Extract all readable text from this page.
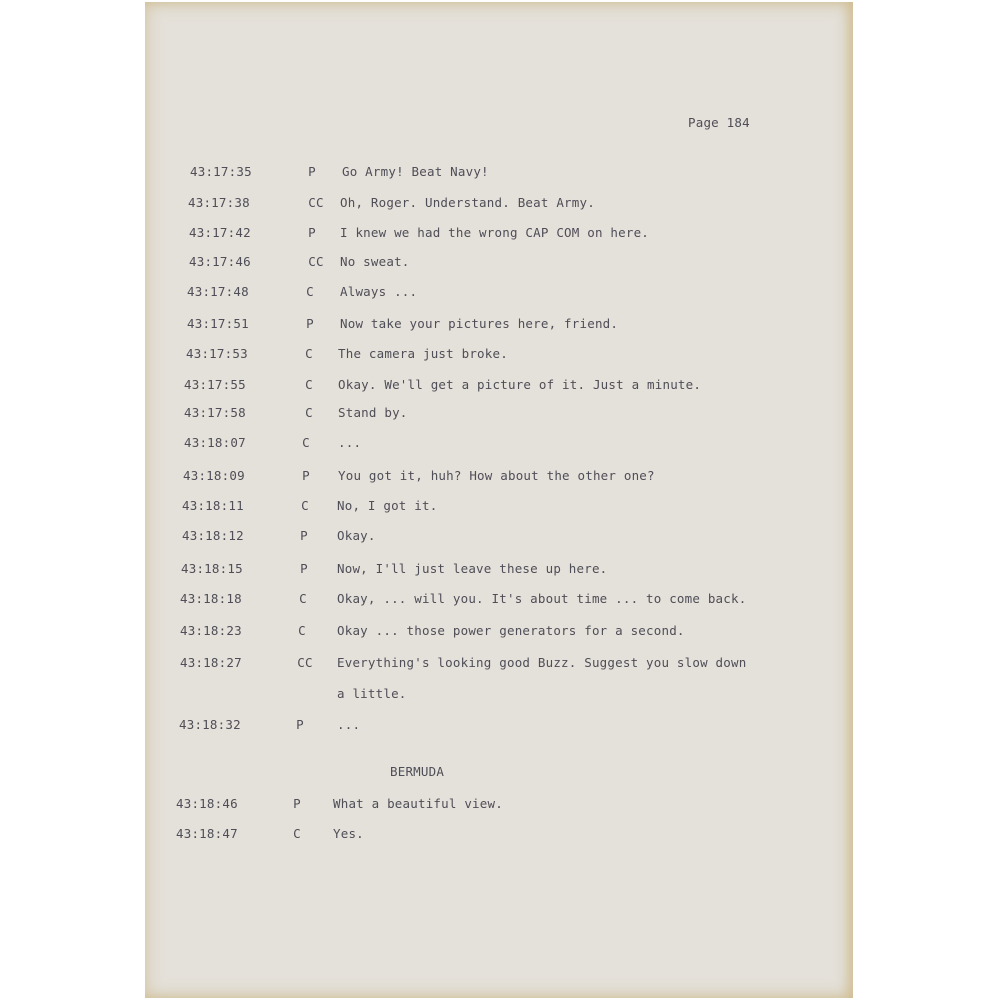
Page 184
43:17:35	P	Go Army! Beat Navy!
43:17:38	CC	Oh, Roger. Understand. Beat Army.
43:17:42	P	I knew we had the wrong CAP COM on here.
43:17:46	CC	No sweat.
43:17:48	C	Always ...
43:17:51	P	Now take your pictures here, friend.
43:17:53	C	The camera just broke.
43:17:55	C	Okay. We'll get a picture of it. Just a minute.
43:17:58	C	Stand by.
43:18:07	C	...
43:18:09	P	You got it, huh? How about the other one?
43:18:11	C	No, I got it.
43:18:12	P	Okay.
43:18:15	P	Now, I'll just leave these up here.
43:18:18	C	Okay, ... will you. It's about time ... to come back.
43:18:23	C	Okay ... those power generators for a second.
43:18:27	CC	Everything's looking good Buzz. Suggest you slow down
a little.
43:18:32	P	...
43:18:46	P	What a beautiful view.
43:18:47	C	Yes.
BERMUDA
